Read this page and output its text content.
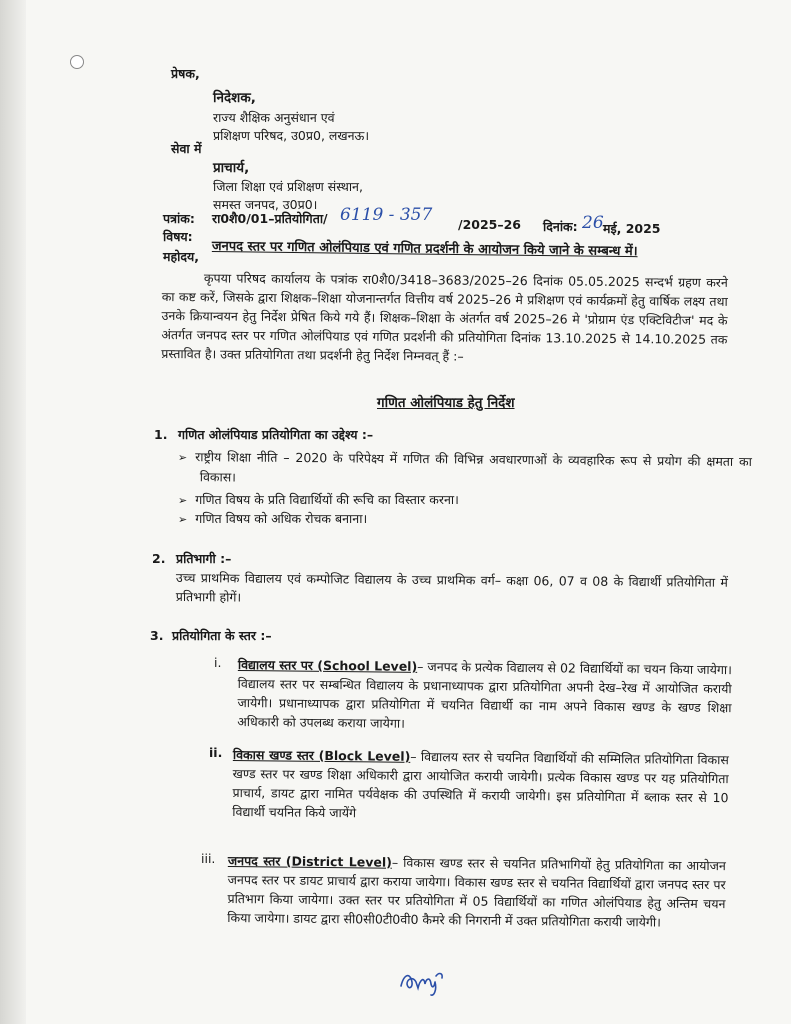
प्रेषक,
निदेशक,
राज्य शैक्षिक अनुसंधान एवं
प्रशिक्षण परिषद, उ0प्र0, लखनऊ।
सेवा में
प्राचार्य,
जिला शिक्षा एवं प्रशिक्षण संस्थान,
समस्त जनपद, उ0प्र0।
पत्रांक: रा0शै0/01–प्रतियोगिता/ 6119 - 357 /2025–26 दिनांक: 26 मई, 2025
विषय:
जनपद स्तर पर गणित ओलंपियाड एवं गणित प्रदर्शनी के आयोजन किये जाने के सम्बन्ध में।
महोदय,
कृपया परिषद कार्यालय के पत्रांक रा0शै0/3418–3683/2025–26 दिनांक 05.05.2025 सन्दर्भ ग्रहण करने का कष्ट करें, जिसके द्वारा शिक्षक–शिक्षा योजनान्तर्गत वित्तीय वर्ष 2025–26 मे प्रशिक्षण एवं कार्यक्रमों हेतु वार्षिक लक्ष्य तथा उनके क्रियान्वयन हेतु निर्देश प्रेषित किये गये हैं। शिक्षक–शिक्षा के अंतर्गत वर्ष 2025–26 मे 'प्रोग्राम एंड एक्टिविटीज' मद के अंतर्गत जनपद स्तर पर गणित ओलंपियाड एवं गणित प्रदर्शनी की प्रतियोगिता दिनांक 13.10.2025 से 14.10.2025 तक प्रस्तावित है। उक्त प्रतियोगिता तथा प्रदर्शनी हेतु निर्देश निम्नवत् हैं :–
गणित ओलंपियाड हेतु निर्देश
1. गणित ओलंपियाड प्रतियोगिता का उद्देश्य :–
➢ राष्ट्रीय शिक्षा नीति – 2020 के परिपेक्ष्य में गणित की विभिन्न अवधारणाओं के व्यवहारिक रूप से प्रयोग की क्षमता का विकास।
➢ गणित विषय के प्रति विद्यार्थियों की रूचि का विस्तार करना।
➢ गणित विषय को अधिक रोचक बनाना।
2. प्रतिभागी :–
उच्च प्राथमिक विद्यालय एवं कम्पोजिट विद्यालय के उच्च प्राथमिक वर्ग– कक्षा 06, 07 व 08 के विद्यार्थी प्रतियोगिता में प्रतिभागी होगें।
3. प्रतियोगिता के स्तर :–
i. विद्यालय स्तर पर (School Level)– जनपद के प्रत्येक विद्यालय से 02 विद्यार्थियों का चयन किया जायेगा। विद्यालय स्तर पर सम्बन्धित विद्यालय के प्रधानाध्यापक द्वारा प्रतियोगिता अपनी देख–रेख में आयोजित करायी जायेगी। प्रधानाध्यापक द्वारा प्रतियोगिता में चयनित विद्यार्थी का नाम अपने विकास खण्ड के खण्ड शिक्षा अधिकारी को उपलब्ध कराया जायेगा।
ii. विकास खण्ड स्तर (Block Level)– विद्यालय स्तर से चयनित विद्यार्थियों की सम्मिलित प्रतियोगिता विकास खण्ड स्तर पर खण्ड शिक्षा अधिकारी द्वारा आयोजित करायी जायेगी। प्रत्येक विकास खण्ड पर यह प्रतियोगिता प्राचार्य, डायट द्वारा नामित पर्यवेक्षक की उपस्थिति में करायी जायेगी। इस प्रतियोगिता में ब्लाक स्तर से 10 विद्यार्थी चयनित किये जायेंगे
iii. जनपद स्तर (District Level)– विकास खण्ड स्तर से चयनित प्रतिभागियों हेतु प्रतियोगिता का आयोजन जनपद स्तर पर डायट प्राचार्य द्वारा कराया जायेगा। विकास खण्ड स्तर से चयनित विद्यार्थियों द्वारा जनपद स्तर पर प्रतिभाग किया जायेगा। उक्त स्तर पर प्रतियोगिता में 05 विद्यार्थियों का गणित ओलंपियाड हेतु अन्तिम चयन किया जायेगा। डायट द्वारा सी0सी0टी0वी0 कैमरे की निगरानी में उक्त प्रतियोगिता करायी जायेगी।
